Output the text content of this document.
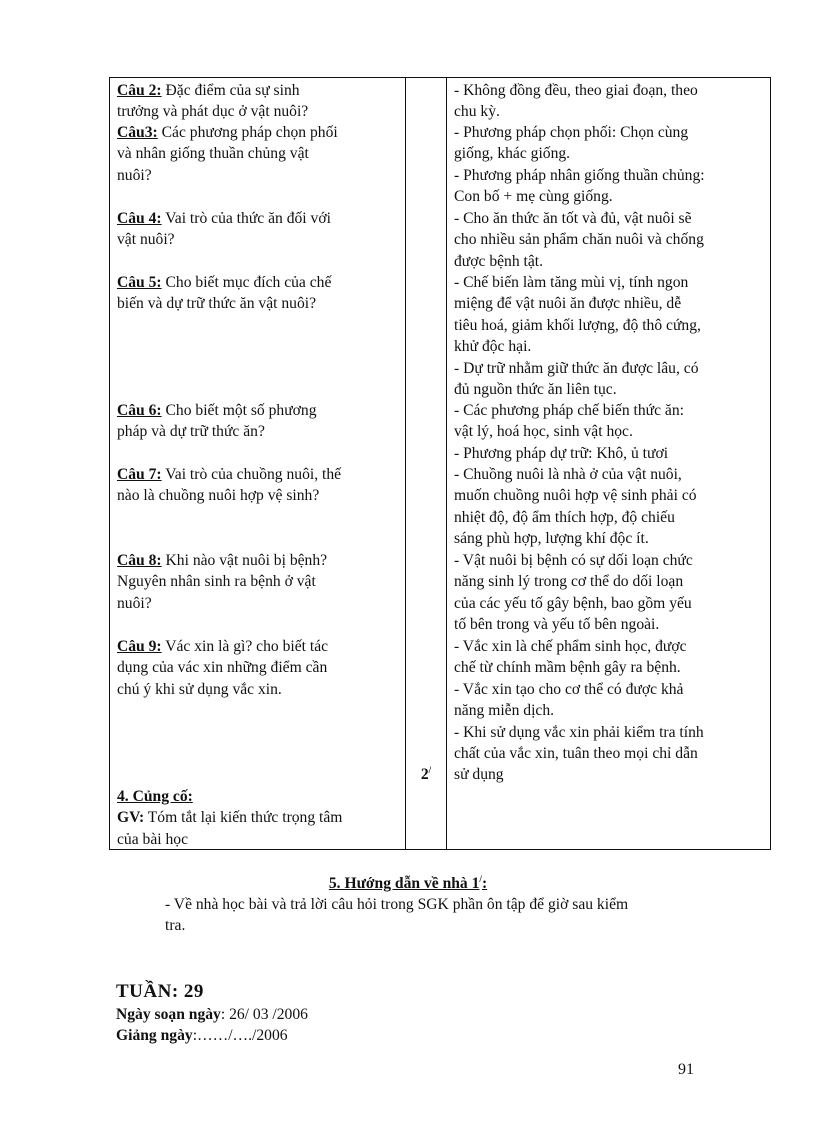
Câu 2: Đặc điểm của sự sinh
trưởng và phát dục ở vật nuôi?
Câu3: Các phương pháp chọn phối
và nhân giống thuần chủng vật
nuôi?
Câu 4: Vai trò của thức ăn đối với
vật nuôi?
Câu 5: Cho biết mục đích của chế
biến và dự trữ thức ăn vật nuôi?
Câu 6: Cho biết một số phương
pháp và dự trữ thức ăn?
Câu 7: Vai trò của chuồng nuôi, thế
nào là chuồng nuôi hợp vệ sinh?
Câu 8: Khi nào vật nuôi bị bệnh?
Nguyên nhân sinh ra bệnh ở vật
nuôi?
Câu 9: Vác xin là gì? cho biết tác
dụng của vác xin những điểm cần
chú ý khi sử dụng vắc xin.
4. Củng cố:
GV: Tóm tắt lại kiến thức trọng tâm
của bài học
2/
- Không đồng đều, theo giai đoạn, theo
chu kỳ.
- Phương pháp chọn phối: Chọn cùng
giống, khác giống.
- Phương pháp nhân giống thuần chủng:
Con bố + mẹ cùng giống.
- Cho ăn thức ăn tốt và đủ, vật nuôi sẽ
cho nhiều sản phẩm chăn nuôi và chống
được bệnh tật.
- Chế biến làm tăng mùi vị, tính ngon
miệng để vật nuôi ăn được nhiều, dễ
tiêu hoá, giảm khối lượng, độ thô cứng,
khử độc hại.
- Dự trữ nhằm giữ thức ăn được lâu, có
đủ nguồn thức ăn liên tục.
- Các phương pháp chế biến thức ăn:
vật lý, hoá học, sinh vật học.
- Phương pháp dự trữ: Khô, ủ tươi
- Chuồng nuôi là nhà ở của vật nuôi,
muốn chuồng nuôi hợp vệ sinh phải có
nhiệt độ, độ ẩm thích hợp, độ chiếu
sáng phù hợp, lượng khí độc ít.
- Vật nuôi bị bệnh có sự dối loạn chức
năng sinh lý trong cơ thể do dối loạn
của các yếu tố gây bệnh, bao gồm yếu
tố bên trong và yếu tố bên ngoài.
- Vắc xin là chế phẩm sinh học, được
chế từ chính mầm bệnh gây ra bệnh.
- Vắc xin tạo cho cơ thể có được khả
năng miễn dịch.
- Khi sử dụng vắc xin phải kiểm tra tính
chất của vắc xin, tuân theo mọi chỉ dẫn
sử dụng
5. Hướng dẫn về nhà 1/:
- Về nhà học bài và trả lời câu hỏi trong SGK phần ôn tập để giờ sau kiểm
tra.
TUẦN: 29
Ngày soạn ngày: 26/ 03 /2006
Giảng ngày:……/…./2006
91
